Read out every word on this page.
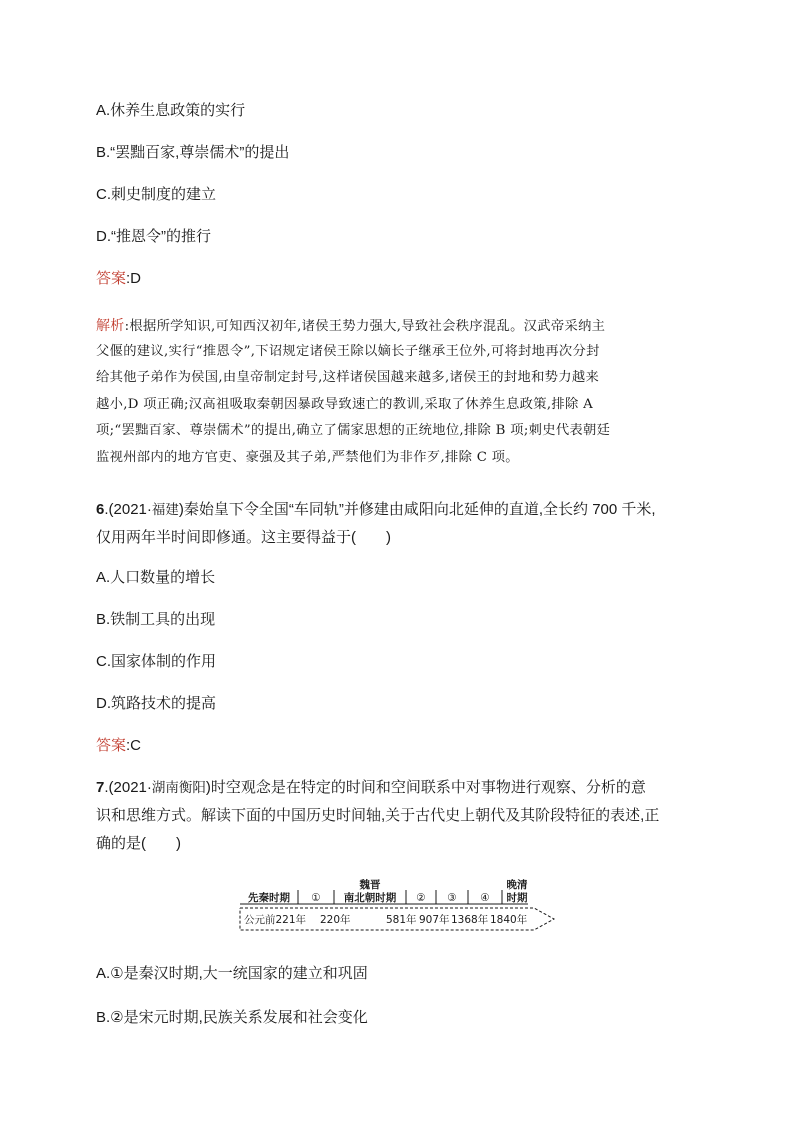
A.休养生息政策的实行
B.“罢黜百家,尊崇儒术”的提出
C.刺史制度的建立
D.“推恩令”的推行
答案:D
解析:根据所学知识,可知西汉初年,诸侯王势力强大,导致社会秩序混乱。汉武帝采纳主
父偃的建议,实行“推恩令”,下诏规定诸侯王除以嫡长子继承王位外,可将封地再次分封
给其他子弟作为侯国,由皇帝制定封号,这样诸侯国越来越多,诸侯王的封地和势力越来
越小,D 项正确;汉高祖吸取秦朝因暴政导致速亡的教训,采取了休养生息政策,排除 A
项;“罢黜百家、尊崇儒术”的提出,确立了儒家思想的正统地位,排除 B 项;刺史代表朝廷
监视州部内的地方官吏、豪强及其子弟,严禁他们为非作歹,排除 C 项。
6.(2021·福建)秦始皇下令全国“车同轨”并修建由咸阳向北延伸的直道,全长约 700 千米,
仅用两年半时间即修通。这主要得益于(　　)
A.人口数量的增长
B.铁制工具的出现
C.国家体制的作用
D.筑路技术的提高
答案:C
7.(2021·湖南衡阳)时空观念是在特定的时间和空间联系中对事物进行观察、分析的意
识和思维方式。解读下面的中国历史时间轴,关于古代史上朝代及其阶段特征的表述,正
确的是(　　)
先秦时期 ①
魏晋
南北朝时期 ② ③ ④
晚清
时期
公元前221年 220年	581年 907年 1368年 1840年
A.①是秦汉时期,大一统国家的建立和巩固
B.②是宋元时期,民族关系发展和社会变化
